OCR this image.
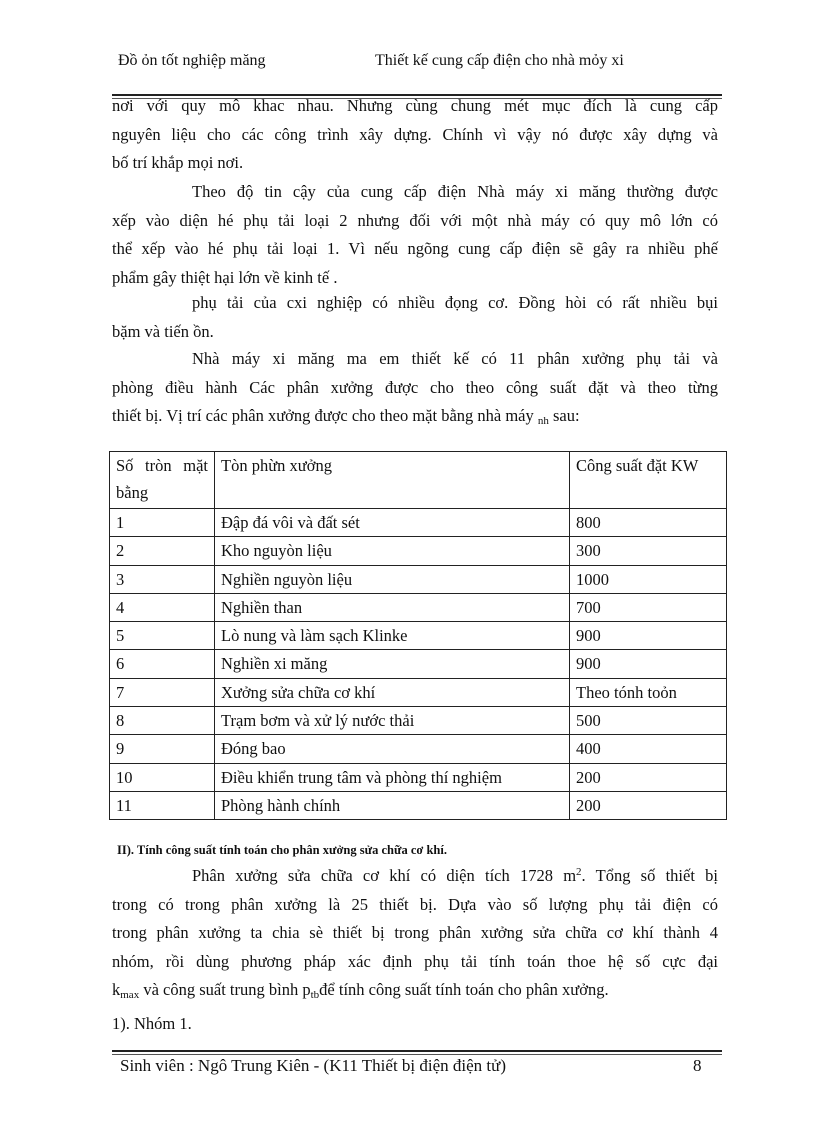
Đồ ỏn tốt nghiệp măng	Thiết kế cung cấp điện cho nhà mỏy xi
nơi với quy mô khac nhau. Nhưng cùng chung mét mục đích là cung cấp
nguyên liệu cho các công trình xây dựng. Chính vì vậy nó được xây dựng và
bố trí khắp mọi nơi.
Theo độ tin cậy của cung cấp điện Nhà máy xi măng thường được
xếp vào diện hé phụ tải loại 2 nhưng đối với một nhà máy có quy mô lớn có
thể xếp vào hé phụ tải loại 1. Vì nếu ngõng cung cấp điện sẽ gây ra nhiều phế
phẩm gây thiệt hại lớn về kinh tế .
phụ tải của cxi nghiệp có nhiều đọng cơ. Đồng hòi có rất nhiều bụi
bặm và tiến ồn.
Nhà máy xi măng ma em thiết kế có 11 phân xưởng phụ tải và
phòng điều hành Các phân xưởng được cho theo công suất đặt và theo từng
thiết bị. Vị trí các phân xưởng được cho theo mặt bằng nhà máy $_{nh}$ sau:
Số tròn mặt bằng	Tòn phừn xưởng	Công suất đặt KW
1	Đập đá vôi và đất sét	800
2	Kho nguyòn liệu	300
3	Nghiền nguyòn liệu	1000
4	Nghiền than	700
5	Lò nung và làm sạch Klinke	900
6	Nghiền xi măng	900
7	Xưởng sửa chữa cơ khí	Theo tónh toỏn
8	Trạm bơm và xử lý nước thải	500
9	Đóng bao	400
10	Điều khiển trung tâm và phòng thí nghiệm	200
11	Phòng hành chính	200
II). Tính công suất tính toán cho phân xưởng sửa chữa cơ khí.
Phân xưởng sửa chữa cơ khí có diện tích 1728 $m^2$. Tổng số thiết bị
trong có trong phân xưởng là 25 thiết bị. Dựa vào số lượng phụ tải điện có
trong phân xưởng ta chia sè thiết bị trong phân xưởng sửa chữa cơ khí thành 4
nhóm, rồi dùng phương pháp xác định phụ tải tính toán thoe hệ số cực đại
$k_{max}$ và công suất trung bình $p_{tb}để$ tính công suất tính toán cho phân xưởng.
1). Nhóm 1.
Sinh viên : Ngô Trung Kiên - (K11 Thiết bị điện điện tử)	8
